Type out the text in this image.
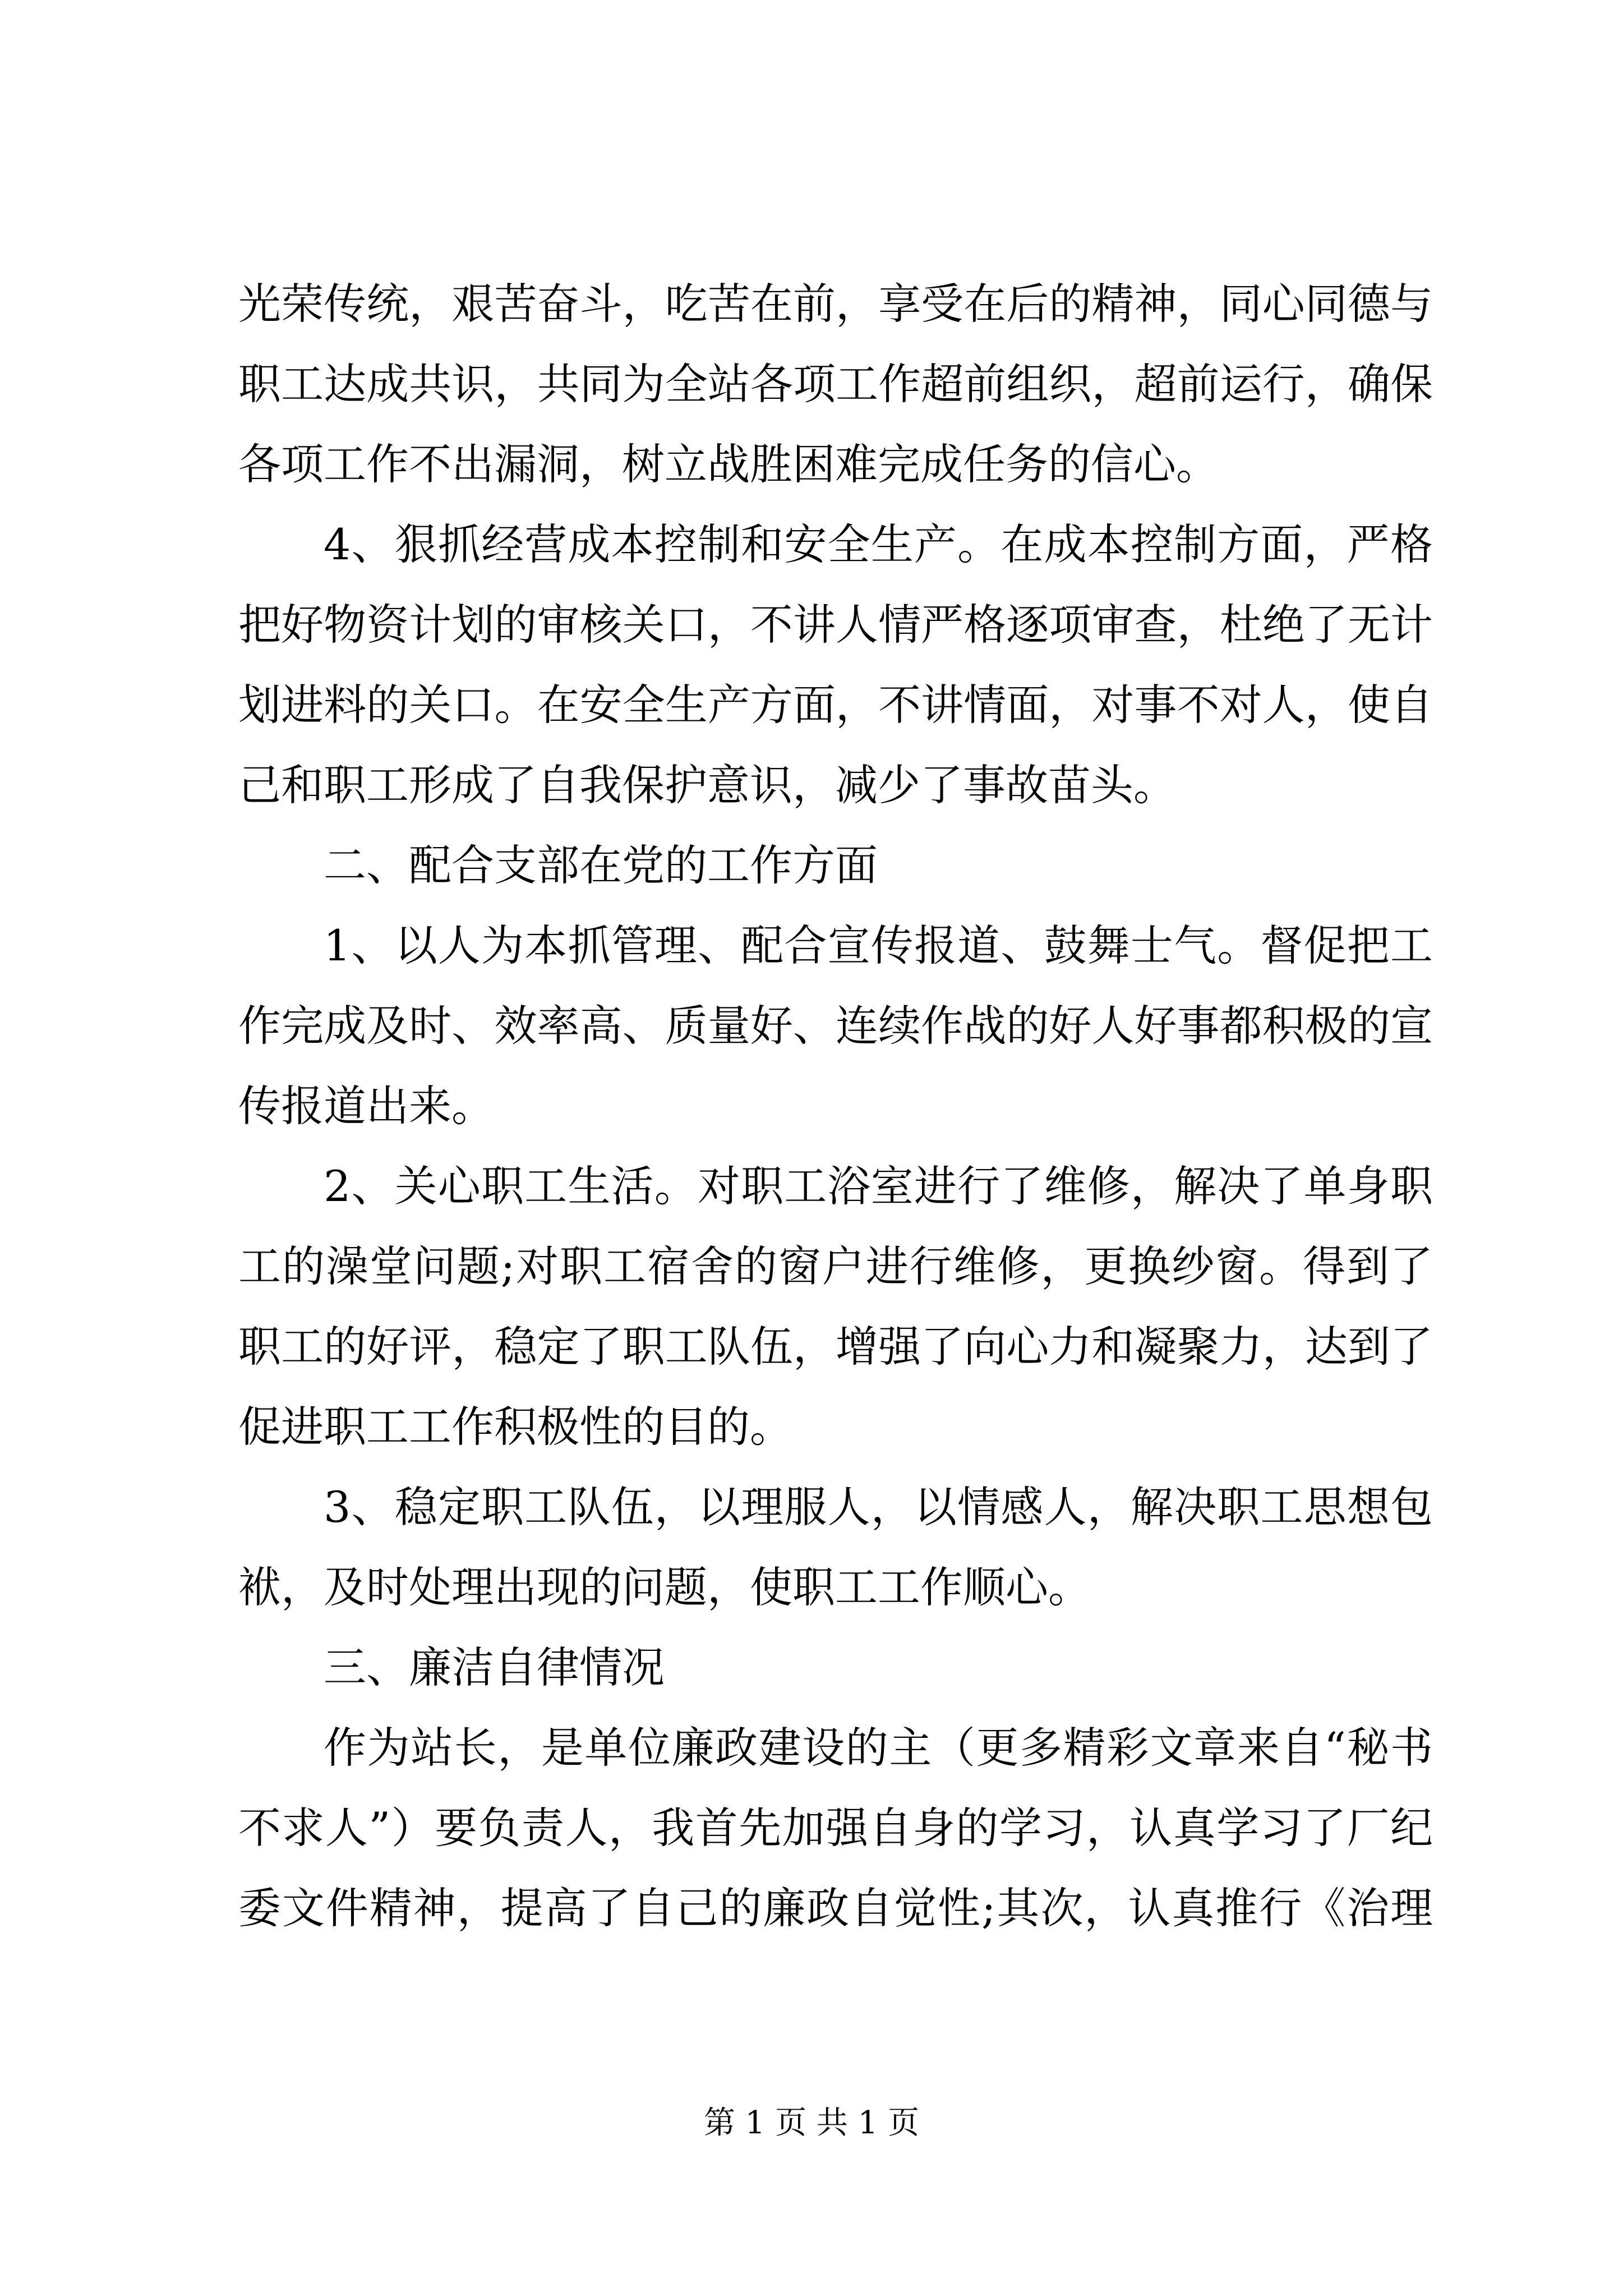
光荣传统，艰苦奋斗，吃苦在前，享受在后的精神，同心同德与
职工达成共识，共同为全站各项工作超前组织，超前运行，确保
各项工作不出漏洞，树立战胜困难完成任务的信心。
4、狠抓经营成本控制和安全生产。在成本控制方面，严格
把好物资计划的审核关口，不讲人情严格逐项审查，杜绝了无计
划进料的关口。在安全生产方面，不讲情面，对事不对人，使自
己和职工形成了自我保护意识，减少了事故苗头。
二、配合支部在党的工作方面
1、以人为本抓管理、配合宣传报道、鼓舞士气。督促把工
作完成及时、效率高、质量好、连续作战的好人好事都积极的宣
传报道出来。
2、关心职工生活。对职工浴室进行了维修，解决了单身职
工的澡堂问题;对职工宿舍的窗户进行维修，更换纱窗。得到了
职工的好评，稳定了职工队伍，增强了向心力和凝聚力，达到了
促进职工工作积极性的目的。
3、稳定职工队伍，以理服人，以情感人，解决职工思想包
袱，及时处理出现的问题，使职工工作顺心。
三、廉洁自律情况
作为站长，是单位廉政建设的主（更多精彩文章来自“秘书
不求人”）要负责人，我首先加强自身的学习，认真学习了厂纪
委文件精神，提高了自己的廉政自觉性;其次，认真推行《治理
第 1 页 共 1 页
